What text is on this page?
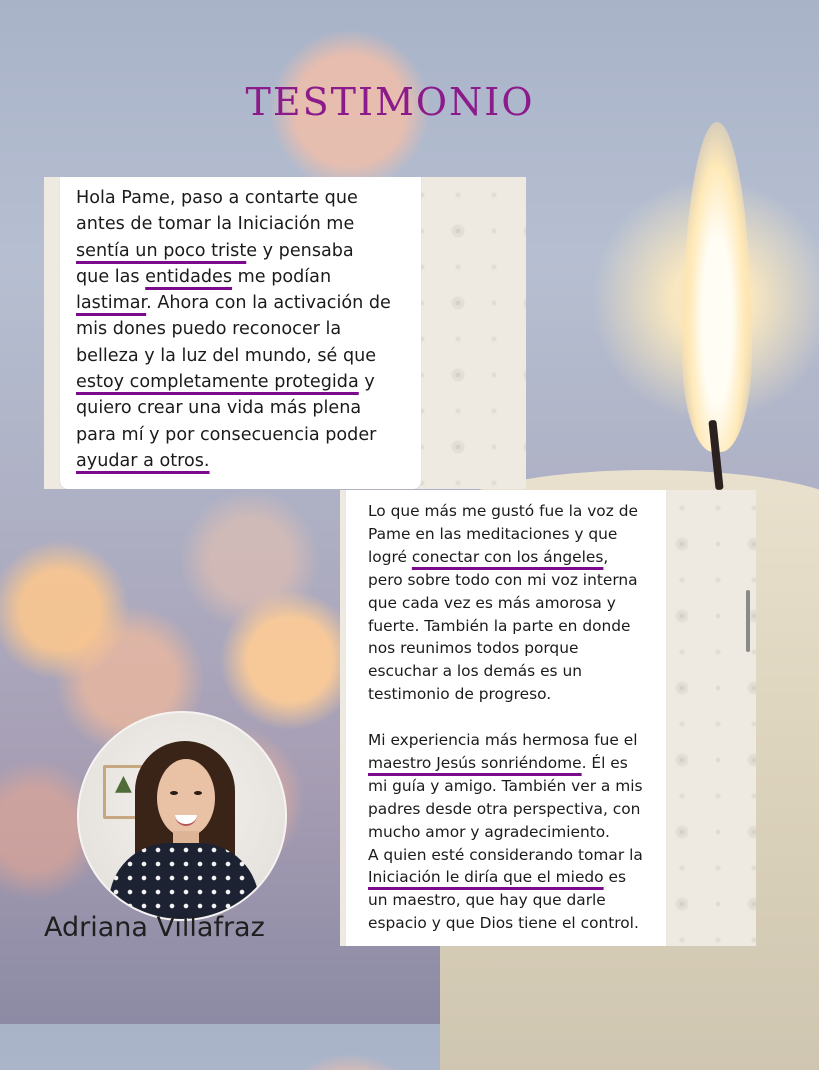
TESTIMONIO
Hola Pame, paso a contarte que
antes de tomar la Iniciación me
sentía un poco triste y pensaba
que las entidades me podían
lastimar. Ahora con la activación de
mis dones puedo reconocer la
belleza y la luz del mundo, sé que
estoy completamente protegida y
quiero crear una vida más plena
para mí y por consecuencia poder
ayudar a otros.
Lo que más me gustó fue la voz de
Pame en las meditaciones y que
logré conectar con los ángeles,
pero sobre todo con mi voz interna
que cada vez es más amorosa y
fuerte. También la parte en donde
nos reunimos todos porque
escuchar a los demás es un
testimonio de progreso.
Mi experiencia más hermosa fue el
maestro Jesús sonriéndome. Él es
mi guía y amigo. También ver a mis
padres desde otra perspectiva, con
mucho amor y agradecimiento.
A quien esté considerando tomar la
Iniciación le diría que el miedo es
un maestro, que hay que darle
espacio y que Dios tiene el control.
▲

Adriana Villafraz
